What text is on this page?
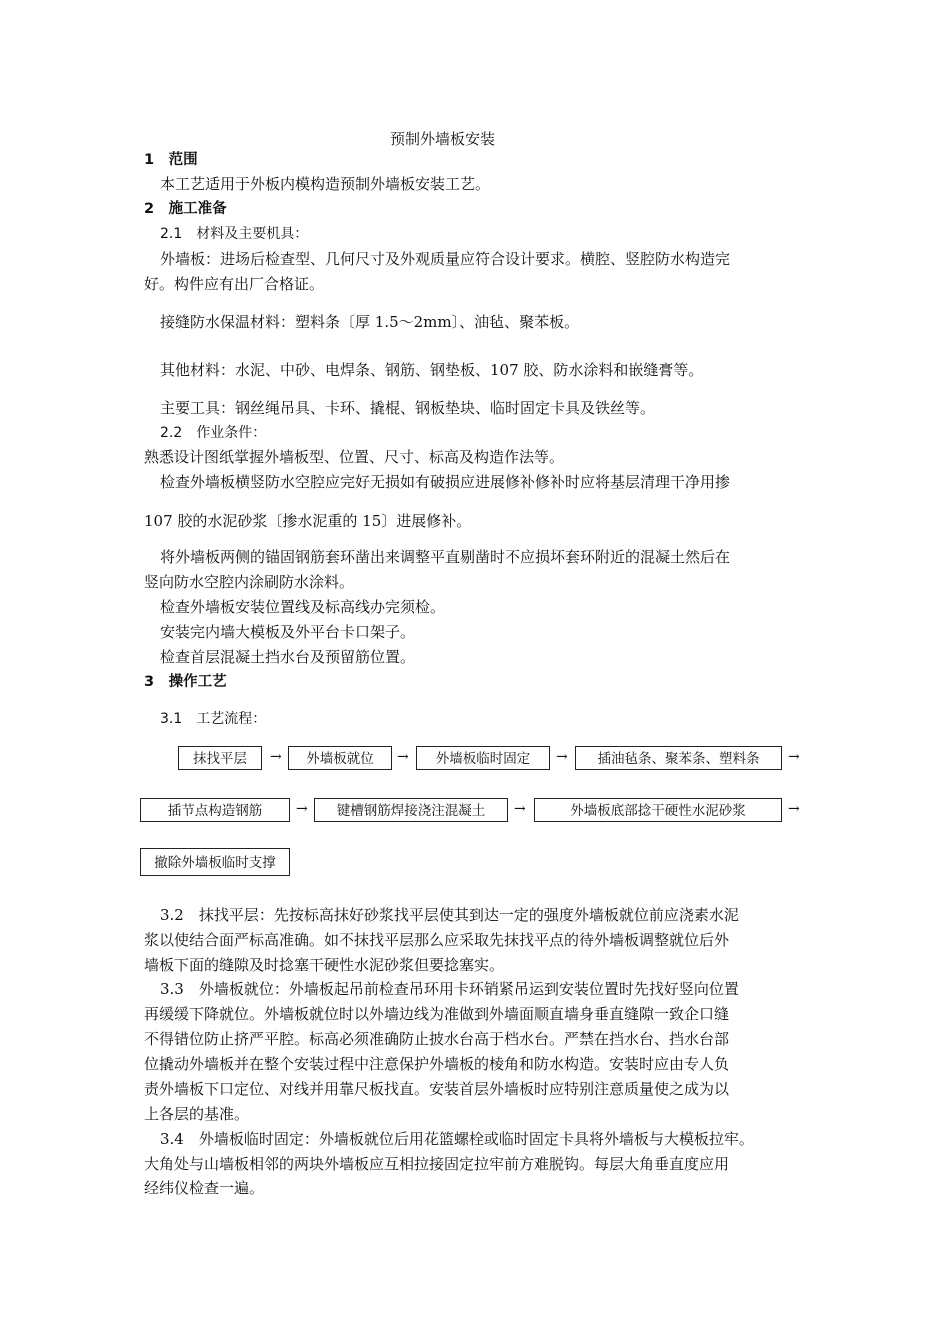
预制外墙板安装
1　范围
本工艺适用于外板内模构造预制外墙板安装工艺。
2　施工准备
2.1　材料及主要机具：
外墙板：进场后检查型、几何尺寸及外观质量应符合设计要求。横腔、竖腔防水构造完
好。构件应有出厂合格证。
接缝防水保温材料：塑料条〔厚 1.5～2mm〕、油毡、聚苯板。
其他材料：水泥、中砂、电焊条、钢筋、钢垫板、107 胶、防水涂料和嵌缝膏等。
主要工具：钢丝绳吊具、卡环、撬棍、钢板垫块、临时固定卡具及铁丝等。
2.2　作业条件：
熟悉设计图纸掌握外墙板型、位置、尺寸、标高及构造作法等。
检查外墙板横竖防水空腔应完好无损如有破损应进展修补修补时应将基层清理干净用掺
107 胶的水泥砂浆〔掺水泥重的 15〕进展修补。
将外墙板两侧的锚固钢筋套环凿出来调整平直剔凿时不应损坏套环附近的混凝土然后在
竖向防水空腔内涂刷防水涂料。
检查外墙板安装位置线及标高线办完须检。
安装完内墙大模板及外平台卡口架子。
检查首层混凝土挡水台及预留筋位置。
3　操作工艺
3.1　工艺流程：
抹找平层	→	外墙板就位	→	外墙板临时固定	→	插油毡条、聚苯条、塑料条	→
插节点构造钢筋	→	键槽钢筋焊接浇注混凝土	→	外墙板底部捻干硬性水泥砂浆	→
撤除外墙板临时支撑
3.2　抹找平层：先按标高抹好砂浆找平层使其到达一定的强度外墙板就位前应浇素水泥
浆以使结合面严标高准确。如不抹找平层那么应采取先抹找平点的待外墙板调整就位后外
墙板下面的缝隙及时捻塞干硬性水泥砂浆但要捻塞实。
3.3　外墙板就位：外墙板起吊前检查吊环用卡环销紧吊运到安装位置时先找好竖向位置
再缓缓下降就位。外墙板就位时以外墙边线为准做到外墙面顺直墙身垂直缝隙一致企口缝
不得错位防止挤严平腔。标高必须准确防止披水台高于档水台。严禁在挡水台、挡水台部
位撬动外墙板并在整个安装过程中注意保护外墙板的棱角和防水构造。安装时应由专人负
责外墙板下口定位、对线并用靠尺板找直。安装首层外墙板时应特别注意质量使之成为以
上各层的基准。
3.4　外墙板临时固定：外墙板就位后用花篮螺栓或临时固定卡具将外墙板与大模板拉牢。
大角处与山墙板相邻的两块外墙板应互相拉接固定拉牢前方难脱钩。每层大角垂直度应用
经纬仪检查一遍。
